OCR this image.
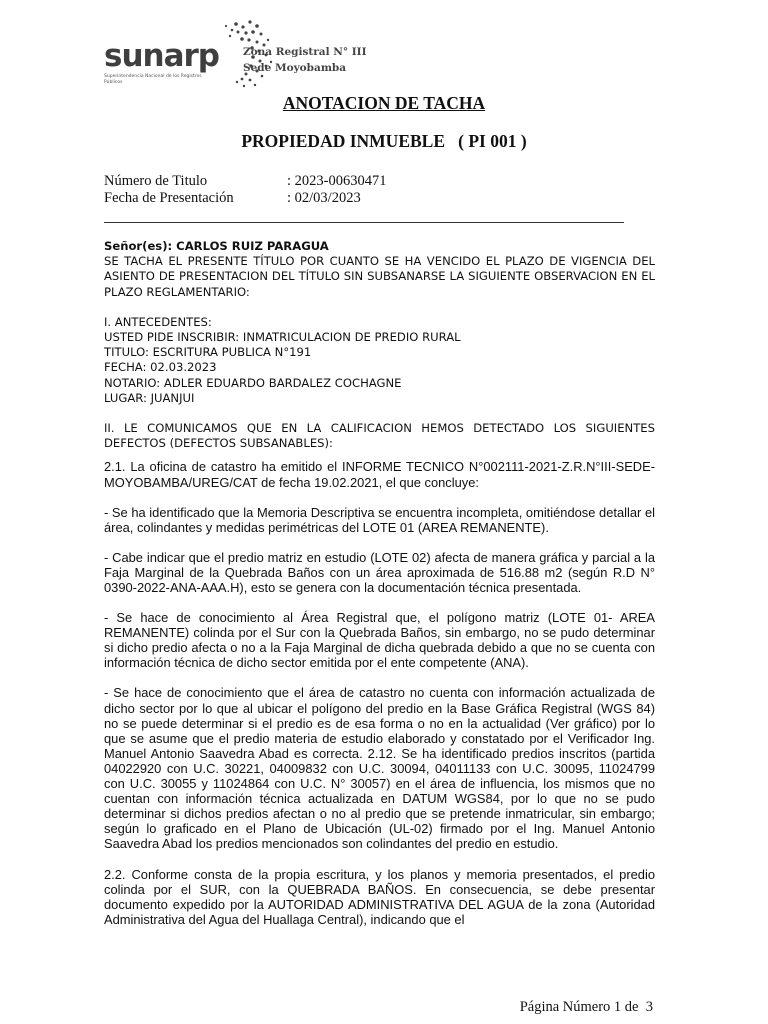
sunarp
Superintendencia Nacional de los Registros Públicos
Zona Registral N° III
Sede Moyobamba
ANOTACION DE TACHA
PROPIEDAD INMUEBLE   ( PI 001 )
Número de Titulo	: 2023-00630471
Fecha de Presentación	: 02/03/2023

Señor(es): CARLOS RUIZ PARAGUA

SE TACHA EL PRESENTE TÍTULO POR CUANTO SE HA VENCIDO EL PLAZO DE VIGENCIA DEL ASIENTO DE PRESENTACION DEL TÍTULO SIN SUBSANARSE LA SIGUIENTE OBSERVACION EN EL PLAZO REGLAMENTARIO:

I. ANTECEDENTES:

USTED PIDE INSCRIBIR: INMATRICULACION DE PREDIO RURAL

TITULO: ESCRITURA PUBLICA N°191

FECHA: 02.03.2023

NOTARIO: ADLER EDUARDO BARDALEZ COCHAGNE

LUGAR: JUANJUI

II. LE COMUNICAMOS QUE EN LA CALIFICACION HEMOS DETECTADO LOS SIGUIENTES DEFECTOS (DEFECTOS SUBSANABLES):

2.1. La oficina de catastro ha emitido el INFORME TECNICO N°002111-2021-Z.R.N°III-SEDE-MOYOBAMBA/UREG/CAT de fecha 19.02.2021, el que concluye:

- Se ha identificado que la Memoria Descriptiva se encuentra incompleta, omitiéndose detallar el área, colindantes y medidas perimétricas del LOTE 01 (AREA REMANENTE).

- Cabe indicar que el predio matriz en estudio (LOTE 02) afecta de manera gráfica y parcial a la Faja Marginal de la Quebrada Baños con un área aproximada de 516.88 m2 (según R.D N° 0390-2022-ANA-AAA.H), esto se genera con la documentación técnica presentada.

- Se hace de conocimiento al Área Registral que, el polígono matriz (LOTE 01- AREA REMANENTE) colinda por el Sur con la Quebrada Baños, sin embargo, no se pudo determinar si dicho predio afecta o no a la Faja Marginal de dicha quebrada debido a que no se cuenta con información técnica de dicho sector emitida por el ente competente (ANA).

- Se hace de conocimiento que el área de catastro no cuenta con información actualizada de dicho sector por lo que al ubicar el polígono del predio en la Base Gráfica Registral (WGS 84) no se puede determinar si el predio es de esa forma o no en la actualidad (Ver gráfico) por lo que se asume que el predio materia de estudio elaborado y constatado por el Verificador Ing. Manuel Antonio Saavedra Abad es correcta. 2.12. Se ha identificado predios inscritos (partida 04022920 con U.C. 30221, 04009832 con U.C. 30094, 04011133 con U.C. 30095, 11024799 con U.C. 30055 y 11024864 con U.C. N° 30057) en el área de influencia, los mismos que no cuentan con información técnica actualizada en DATUM WGS84, por lo que no se pudo determinar si dichos predios afectan o no al predio que se pretende inmatricular, sin embargo; según lo graficado en el Plano de Ubicación (UL-02) firmado por el Ing. Manuel Antonio Saavedra Abad los predios mencionados son colindantes del predio en estudio.

2.2. Conforme consta de la propia escritura, y los planos y memoria presentados, el predio colinda por el SUR, con la QUEBRADA BAÑOS. En consecuencia, se debe presentar documento expedido por la AUTORIDAD ADMINISTRATIVA DEL AGUA de la zona (Autoridad Administrativa del Agua del Huallaga Central), indicando que el

Página Número 1 de  3
